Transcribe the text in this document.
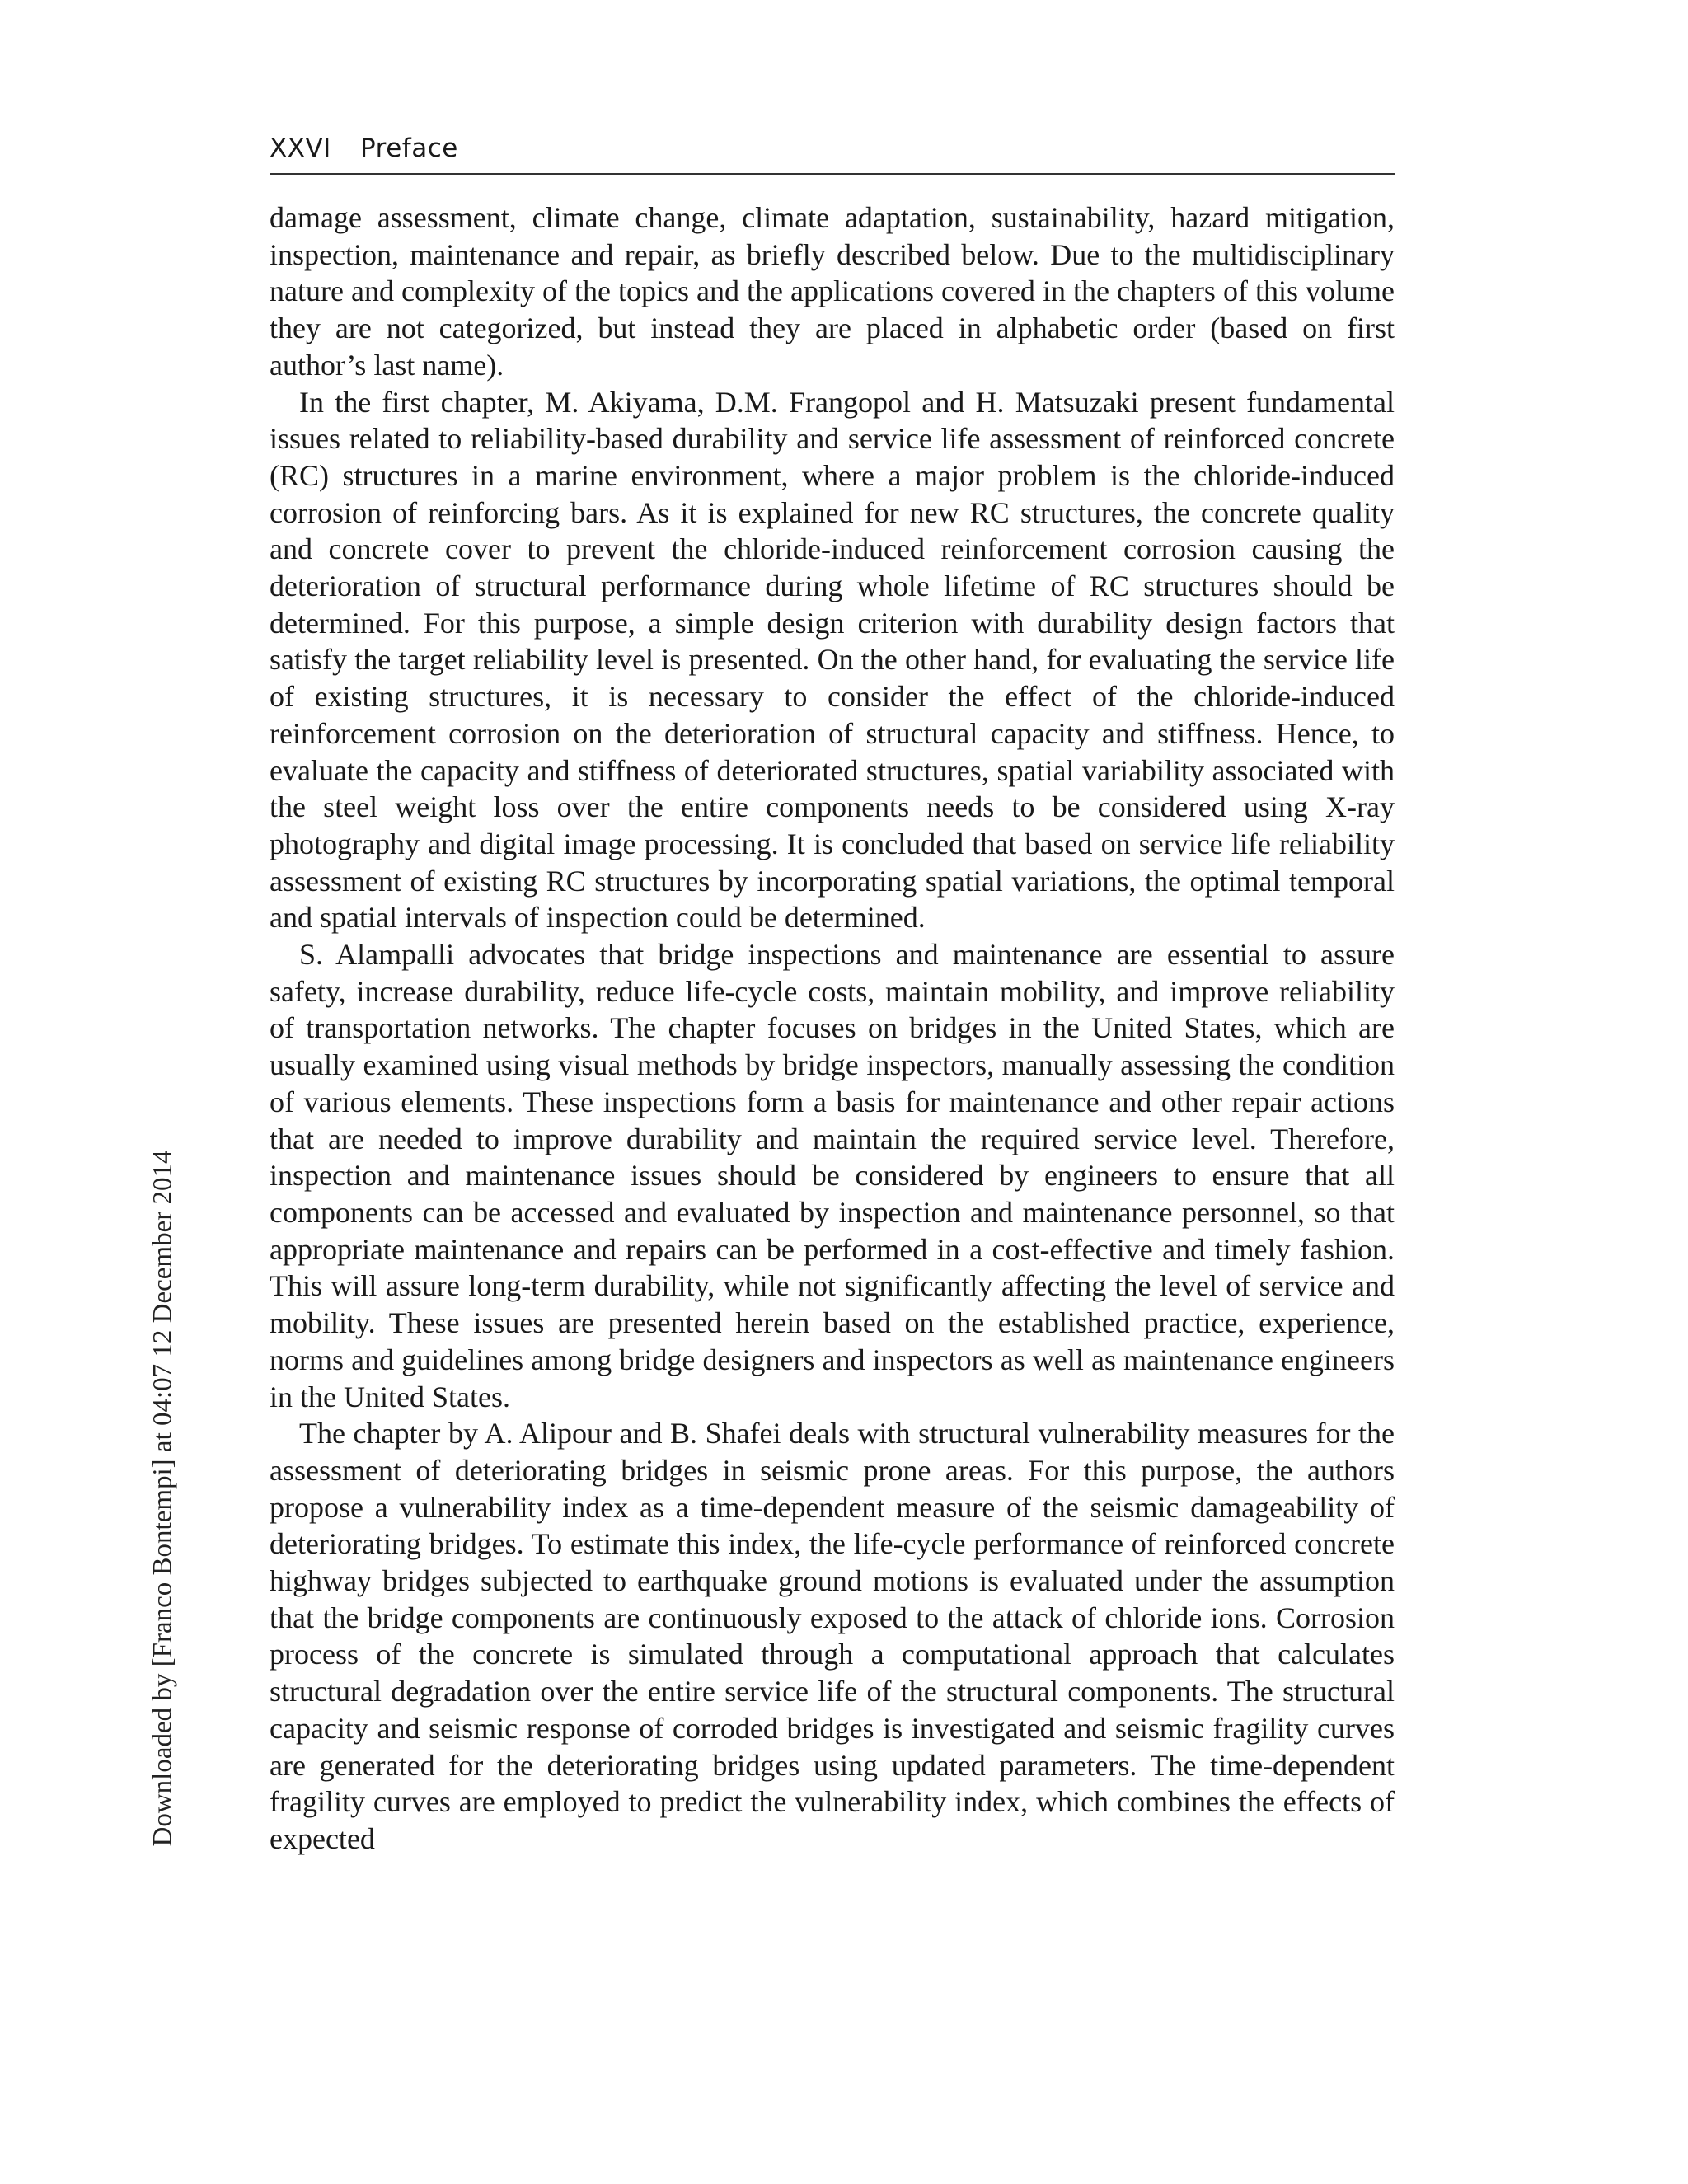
XXVI Preface
Downloaded by [Franco Bontempi] at 04:07 12 December 2014

damage assessment, climate change, climate adaptation, sustainability, hazard mitigation, inspection, maintenance and repair, as briefly described below. Due to the multidisciplinary nature and complexity of the topics and the applications covered in the chapters of this volume they are not categorized, but instead they are placed in alphabetic order (based on first author’s last name).

In the first chapter, M. Akiyama, D.M. Frangopol and H. Matsuzaki present fundamental issues related to reliability-based durability and service life assessment of reinforced concrete (RC) structures in a marine environment, where a major problem is the chloride-induced corrosion of reinforcing bars. As it is explained for new RC structures, the concrete quality and concrete cover to prevent the chloride-induced reinforcement corrosion causing the deterioration of structural performance during whole lifetime of RC structures should be determined. For this purpose, a simple design criterion with durability design factors that satisfy the target reliability level is presented. On the other hand, for evaluating the service life of existing structures, it is necessary to consider the effect of the chloride-induced reinforcement corrosion on the deterioration of structural capacity and stiffness. Hence, to evaluate the capacity and stiffness of deteriorated structures, spatial variability associated with the steel weight loss over the entire components needs to be considered using X-ray photography and digital image processing. It is concluded that based on service life reliability assessment of existing RC structures by incorporating spatial variations, the optimal temporal and spatial intervals of inspection could be determined.

S. Alampalli advocates that bridge inspections and maintenance are essential to assure safety, increase durability, reduce life-cycle costs, maintain mobility, and improve reliability of transportation networks. The chapter focuses on bridges in the United States, which are usually examined using visual methods by bridge inspectors, manually assessing the condition of various elements. These inspections form a basis for maintenance and other repair actions that are needed to improve durability and maintain the required service level. Therefore, inspection and maintenance issues should be considered by engineers to ensure that all components can be accessed and evaluated by inspection and maintenance personnel, so that appropriate maintenance and repairs can be performed in a cost-effective and timely fashion. This will assure long-term durability, while not significantly affecting the level of service and mobility. These issues are presented herein based on the established practice, experience, norms and guidelines among bridge designers and inspectors as well as maintenance engineers in the United States.

The chapter by A. Alipour and B. Shafei deals with structural vulnerability measures for the assessment of deteriorating bridges in seismic prone areas. For this purpose, the authors propose a vulnerability index as a time-dependent measure of the seismic damageability of deteriorating bridges. To estimate this index, the life-cycle performance of reinforced concrete highway bridges subjected to earthquake ground motions is evaluated under the assumption that the bridge components are continuously exposed to the attack of chloride ions. Corrosion process of the concrete is simulated through a computational approach that calculates structural degradation over the entire service life of the structural components. The structural capacity and seismic response of corroded bridges is investigated and seismic fragility curves are generated for the deteriorating bridges using updated parameters. The time-dependent fragility curves are employed to predict the vulnerability index, which combines the effects of expected
